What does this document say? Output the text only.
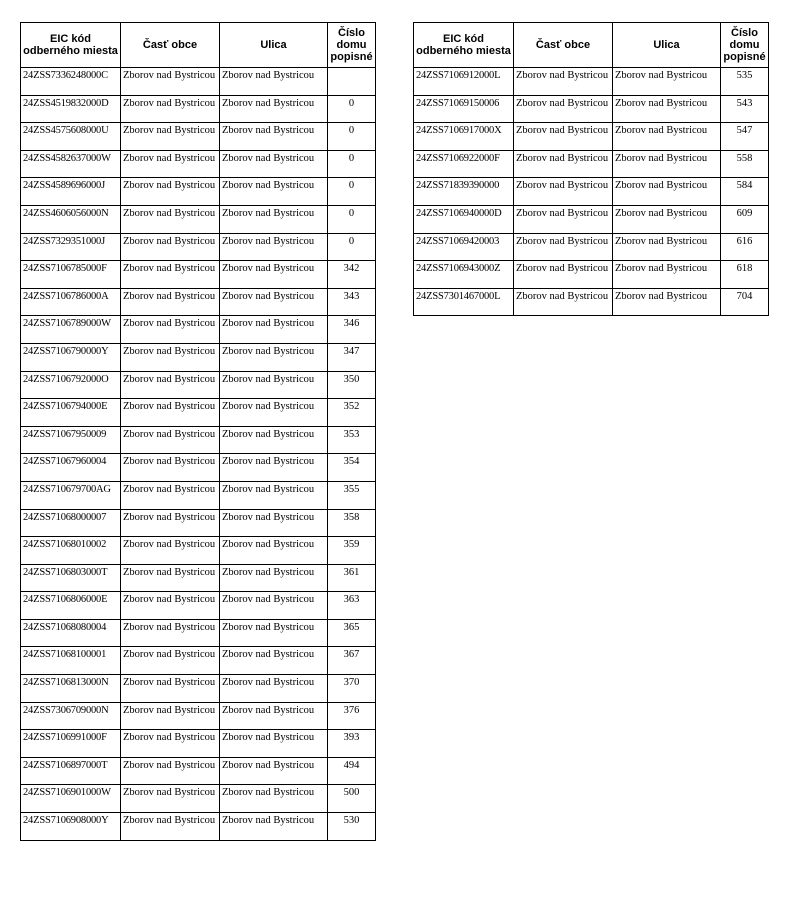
EIC kód odberného miesta	Časť obce	Ulica	Číslo domu popisné
24ZSS7336248000C	Zborov nad Bystricou	Zborov nad Bystricou	
24ZSS4519832000D	Zborov nad Bystricou	Zborov nad Bystricou	0
24ZSS4575608000U	Zborov nad Bystricou	Zborov nad Bystricou	0
24ZSS4582637000W	Zborov nad Bystricou	Zborov nad Bystricou	0
24ZSS4589696000J	Zborov nad Bystricou	Zborov nad Bystricou	0
24ZSS4606056000N	Zborov nad Bystricou	Zborov nad Bystricou	0
24ZSS7329351000J	Zborov nad Bystricou	Zborov nad Bystricou	0
24ZSS7106785000F	Zborov nad Bystricou	Zborov nad Bystricou	342
24ZSS7106786000A	Zborov nad Bystricou	Zborov nad Bystricou	343
24ZSS7106789000W	Zborov nad Bystricou	Zborov nad Bystricou	346
24ZSS7106790000Y	Zborov nad Bystricou	Zborov nad Bystricou	347
24ZSS7106792000O	Zborov nad Bystricou	Zborov nad Bystricou	350
24ZSS7106794000E	Zborov nad Bystricou	Zborov nad Bystricou	352
24ZSS71067950009	Zborov nad Bystricou	Zborov nad Bystricou	353
24ZSS71067960004	Zborov nad Bystricou	Zborov nad Bystricou	354
24ZSS710679700AG	Zborov nad Bystricou	Zborov nad Bystricou	355
24ZSS71068000007	Zborov nad Bystricou	Zborov nad Bystricou	358
24ZSS71068010002	Zborov nad Bystricou	Zborov nad Bystricou	359
24ZSS7106803000T	Zborov nad Bystricou	Zborov nad Bystricou	361
24ZSS7106806000E	Zborov nad Bystricou	Zborov nad Bystricou	363
24ZSS71068080004	Zborov nad Bystricou	Zborov nad Bystricou	365
24ZSS71068100001	Zborov nad Bystricou	Zborov nad Bystricou	367
24ZSS7106813000N	Zborov nad Bystricou	Zborov nad Bystricou	370
24ZSS7306709000N	Zborov nad Bystricou	Zborov nad Bystricou	376
24ZSS7106991000F	Zborov nad Bystricou	Zborov nad Bystricou	393
24ZSS7106897000T	Zborov nad Bystricou	Zborov nad Bystricou	494
24ZSS7106901000W	Zborov nad Bystricou	Zborov nad Bystricou	500
24ZSS7106908000Y	Zborov nad Bystricou	Zborov nad Bystricou	530
EIC kód odberného miesta	Časť obce	Ulica	Číslo domu popisné
24ZSS7106912000L	Zborov nad Bystricou	Zborov nad Bystricou	535
24ZSS71069150006	Zborov nad Bystricou	Zborov nad Bystricou	543
24ZSS7106917000X	Zborov nad Bystricou	Zborov nad Bystricou	547
24ZSS7106922000F	Zborov nad Bystricou	Zborov nad Bystricou	558
24ZSS71839390000	Zborov nad Bystricou	Zborov nad Bystricou	584
24ZSS7106940000D	Zborov nad Bystricou	Zborov nad Bystricou	609
24ZSS71069420003	Zborov nad Bystricou	Zborov nad Bystricou	616
24ZSS7106943000Z	Zborov nad Bystricou	Zborov nad Bystricou	618
24ZSS7301467000L	Zborov nad Bystricou	Zborov nad Bystricou	704
